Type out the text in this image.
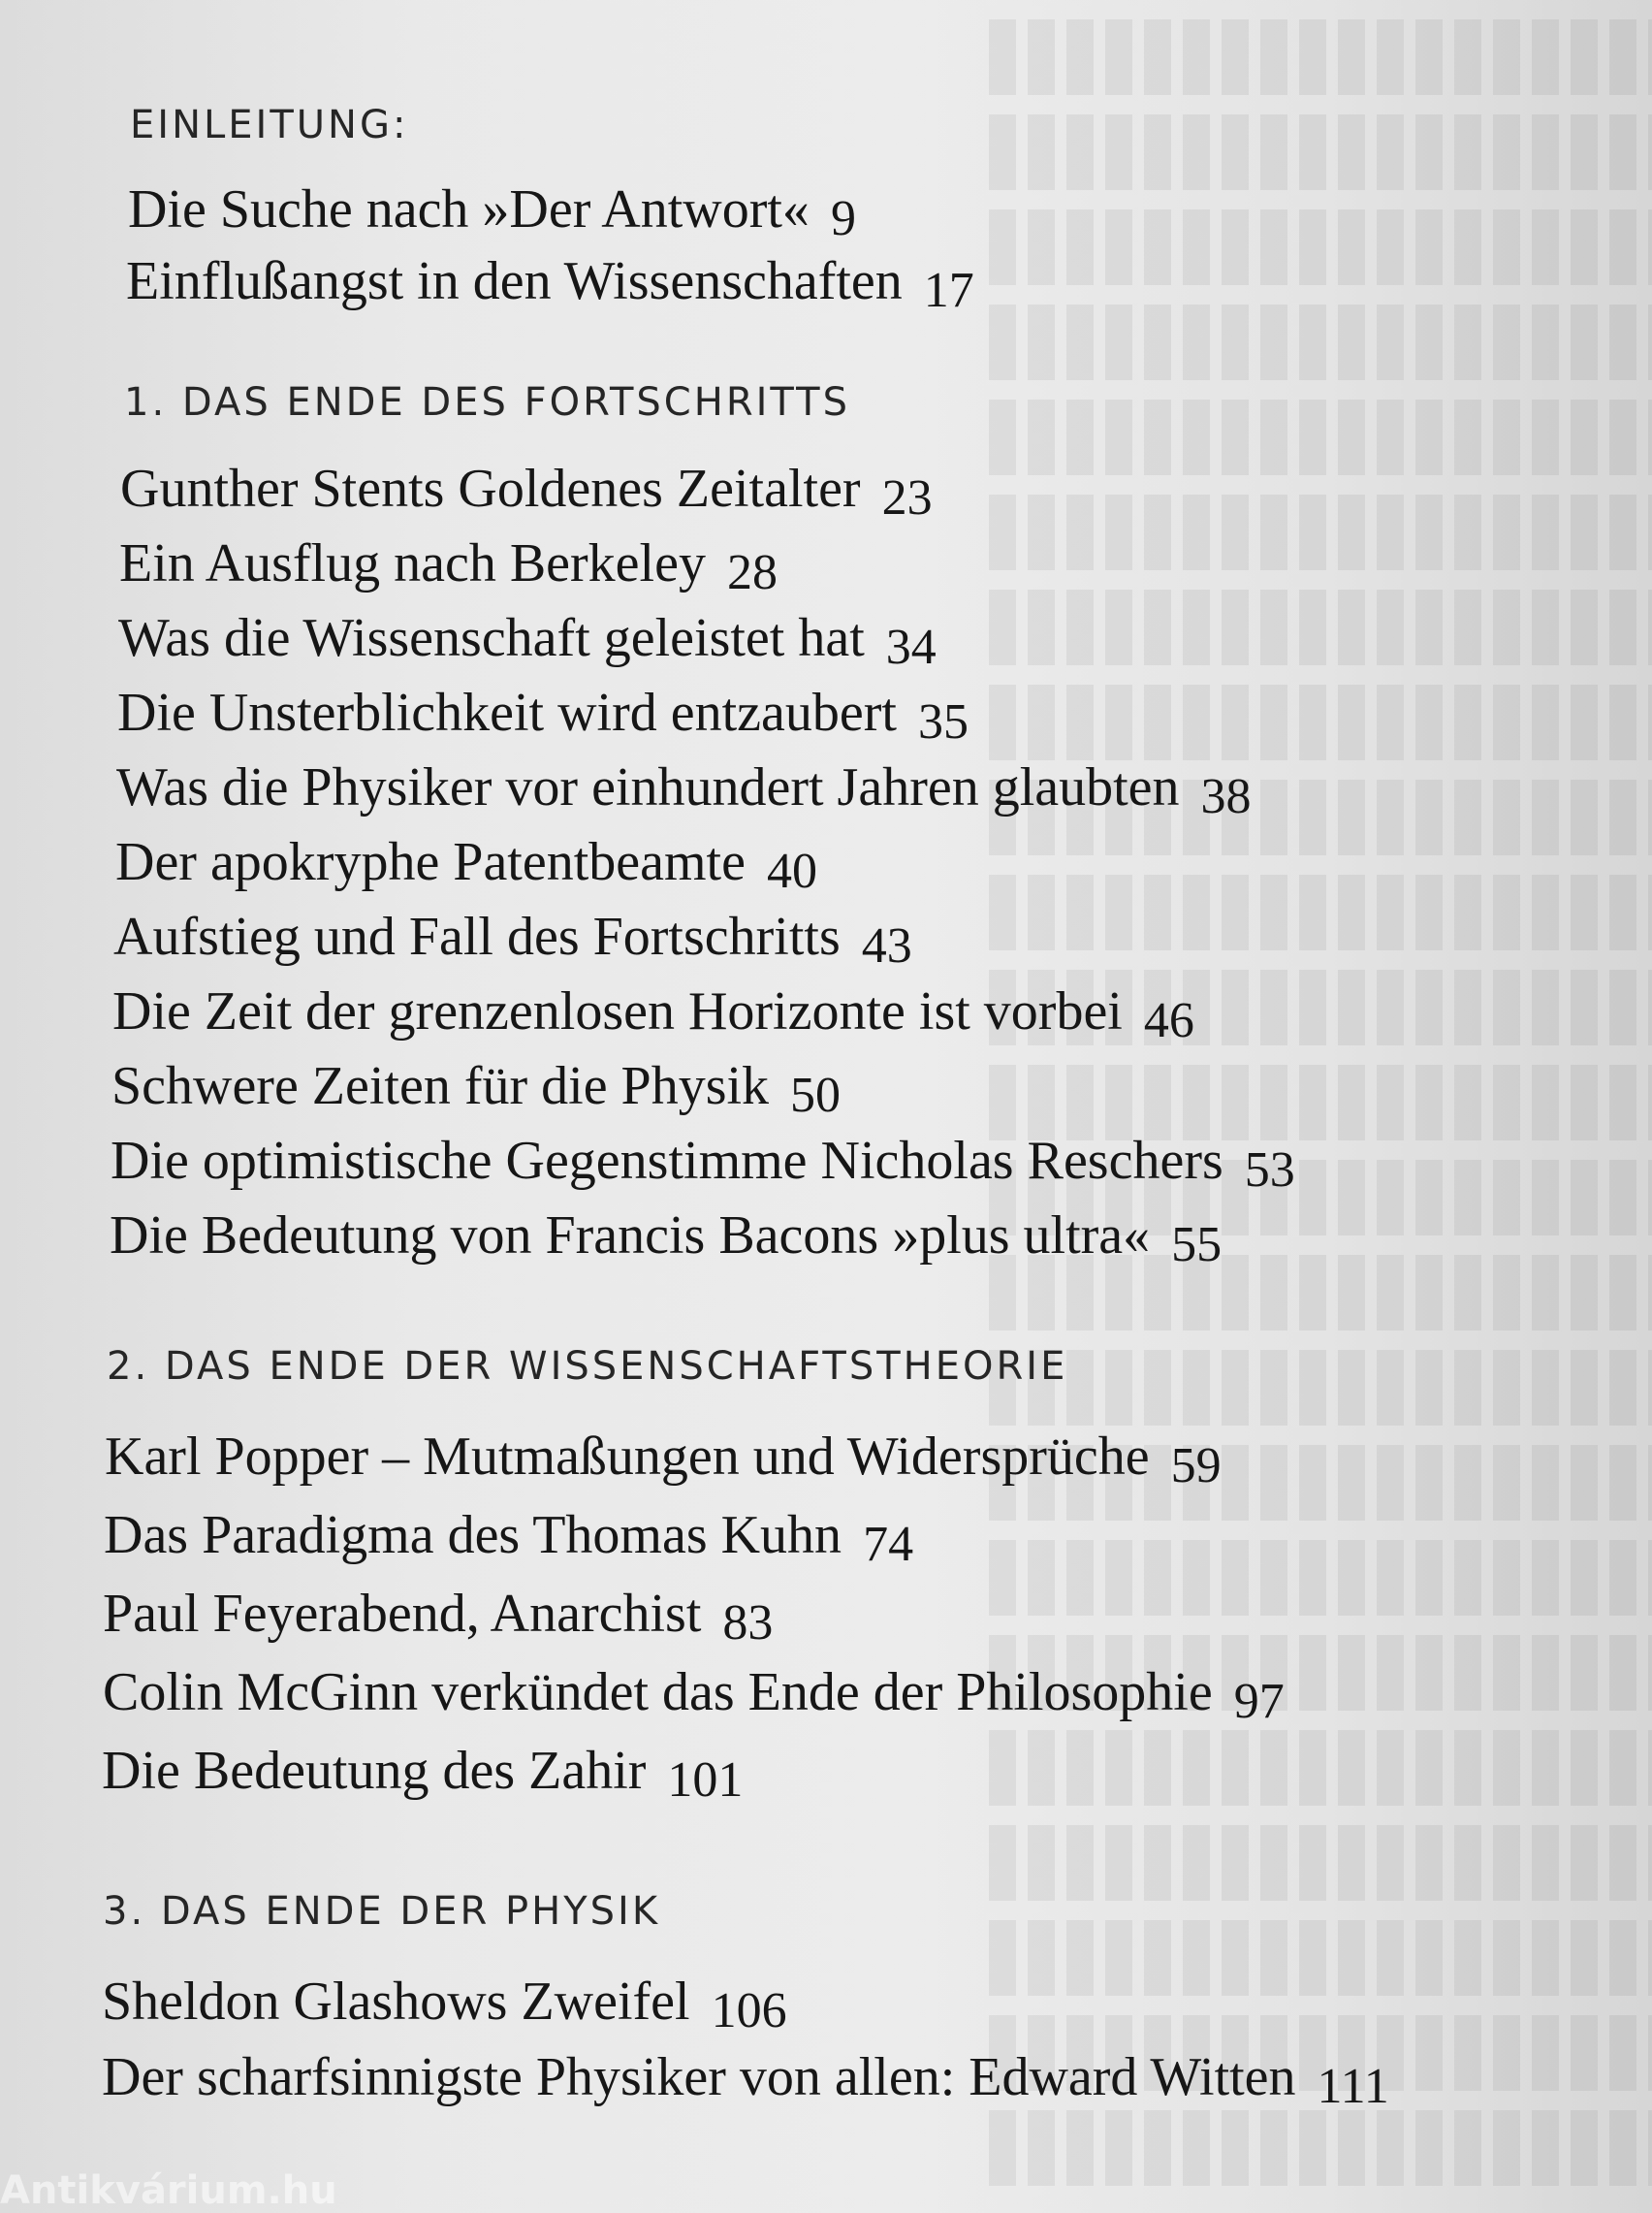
EINLEITUNG:
Die Suche nach »Der Antwort« 9
Einflußangst in den Wissenschaften 17
1. DAS ENDE DES FORTSCHRITTS
Gunther Stents Goldenes Zeitalter 23
Ein Ausflug nach Berkeley 28
Was die Wissenschaft geleistet hat 34
Die Unsterblichkeit wird entzaubert 35
Was die Physiker vor einhundert Jahren glaubten 38
Der apokryphe Patentbeamte 40
Aufstieg und Fall des Fortschritts 43
Die Zeit der grenzenlosen Horizonte ist vorbei 46
Schwere Zeiten für die Physik 50
Die optimistische Gegenstimme Nicholas Reschers 53
Die Bedeutung von Francis Bacons »plus ultra« 55
2. DAS ENDE DER WISSENSCHAFTSTHEORIE
Karl Popper – Mutmaßungen und Widersprüche 59
Das Paradigma des Thomas Kuhn 74
Paul Feyerabend, Anarchist 83
Colin McGinn verkündet das Ende der Philosophie 97
Die Bedeutung des Zahir 101
3. DAS ENDE DER PHYSIK
Sheldon Glashows Zweifel 106
Der scharfsinnigste Physiker von allen: Edward Witten 111
Antikvárium.hu
